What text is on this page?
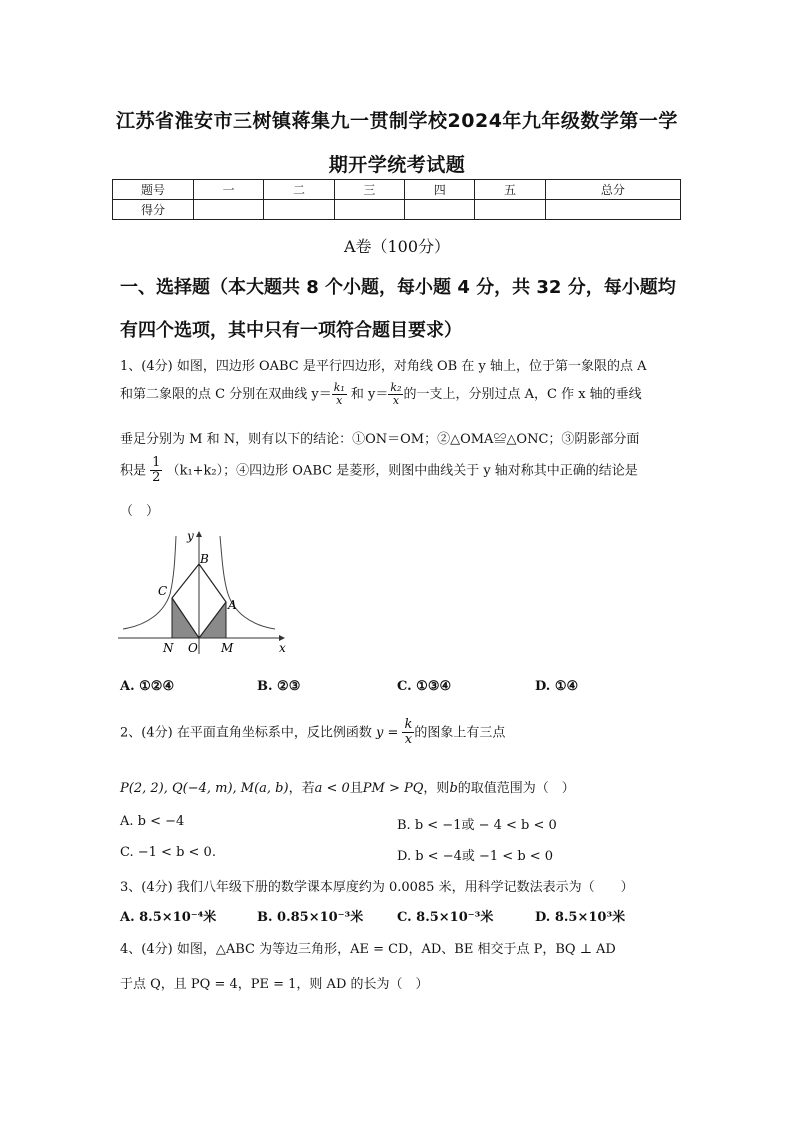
江苏省淮安市三树镇蒋集九一贯制学校2024年九年级数学第一学
期开学统考试题
题号	一	二	三	四	五	总分
得分						
A卷（100分）
一、选择题（本大题共 8 个小题，每小题 4 分，共 32 分，每小题均
有四个选项，其中只有一项符合题目要求）
1、(4分) 如图，四边形 OABC 是平行四边形，对角线 OB 在 y 轴上，位于第一象限的点 A
和第二象限的点 C 分别在双曲线 $y= \frac{\text{k₁}}{x}$ 和 $y= \frac{\text{k₂}}{x}$ 的一支上，分别过点 A，C 作 x 轴的垂线
垂足分别为 M 和 N，则有以下的结论：①ON＝OM；②△OMA≌△ONC；③阴影部分面
积是 $\frac{1}{2} (k_1+k_2)$；④四边形 OABC 是菱形，则图中曲线关于 y 轴对称其中正确的结论是
（　）
y
x
B
C
A
N O M
A. ①②④	B. ②③	C. ①③④	D. ①④
2、(4分) 在平面直角坐标系中，反比例函数 $y = \frac{k}{x}$ 的图象上有三点
P(2, 2), Q(−4, m), M(a, b)，若a < 0且PM > PQ，则b的取值范围为（　）
A. b < −4	B. b < −1或 − 4 < b < 0
C. −1 < b < 0.	D. b < −4或 −1 < b < 0
3、(4分) 我们八年级下册的数学课本厚度约为 0.0085 米，用科学记数法表示为（　　）
A. 8.5×10⁻⁴米	B. 0.85×10⁻³米	C. 8.5×10⁻³米	D. 8.5×10³米
4、(4分) 如图，△ABC 为等边三角形，AE = CD，AD、BE 相交于点 P，BQ ⊥ AD
于点 Q，且 PQ = 4，PE = 1，则 AD 的长为（　）
